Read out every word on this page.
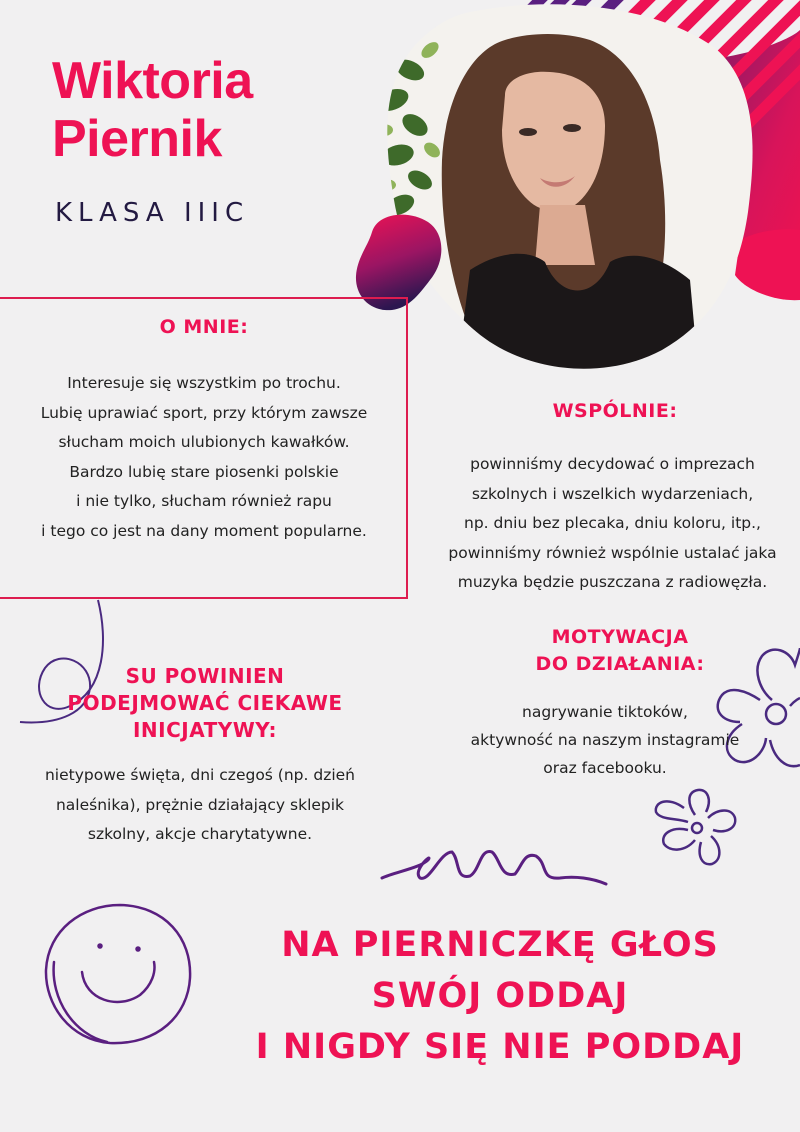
Wiktoria
Piernik
KLASA IIIC
O MNIE:

Interesuje się wszystkim po trochu.
Lubię uprawiać sport, przy którym zawsze
słucham moich ulubionych kawałków.
Bardzo lubię stare piosenki polskie
i nie tylko, słucham również rapu
i tego co jest na dany moment popularne.

WSPÓLNIE:

powinniśmy decydować o imprezach
szkolnych i wszelkich wydarzeniach,
np. dniu bez plecaka, dniu koloru, itp.,
powinniśmy również wspólnie ustalać jaka
muzyka będzie puszczana z radiowęzła.

MOTYWACJA
DO DZIAŁANIA:

nagrywanie tiktoków,
aktywność na naszym instagramie
oraz facebooku.

SU POWINIEN
PODEJMOWAĆ CIEKAWE
INICJATYWY:

nietypowe święta, dni czegoś (np. dzień
naleśnika), prężnie działający sklepik
szkolny, akcje charytatywne.

NA PIERNICZKĘ GŁOS
SWÓJ ODDAJ
I NIGDY SIĘ NIE PODDAJ
